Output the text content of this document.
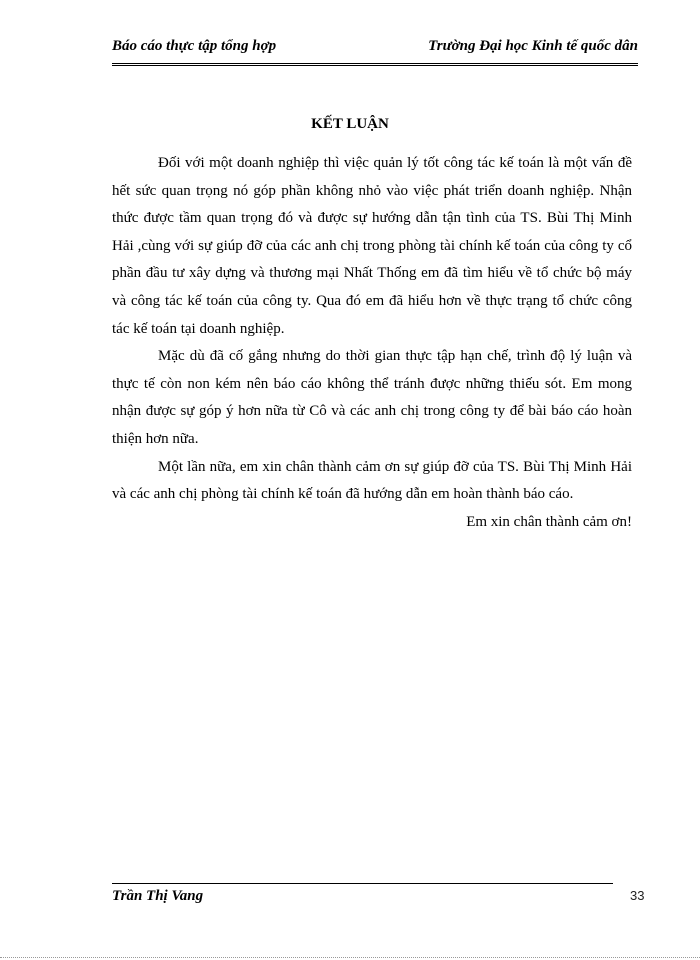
Báo cáo thực tập tổng hợp	Trường Đại học Kinh tế quốc dân
KẾT LUẬN

Đối với một doanh nghiệp thì việc quản lý tốt công tác kế toán là một vấn đề hết sức quan trọng nó góp phần không nhỏ vào việc phát triển doanh nghiệp. Nhận thức được tầm quan trọng đó và được sự hướng dẫn tận tình của TS. Bùi Thị Minh Hải ,cùng với sự giúp đỡ của các anh chị trong phòng tài chính kế toán của công ty cổ phần đầu tư xây dựng và thương mại Nhất Thống em đã tìm hiểu về tổ chức bộ máy và công tác kế toán của công ty. Qua đó em đã hiểu hơn về thực trạng tổ chức công tác kế toán tại doanh nghiệp.

Mặc dù đã cố gắng nhưng do thời gian thực tập hạn chế, trình độ lý luận và thực tế còn non kém nên báo cáo không thể tránh được những thiếu sót. Em mong nhận được sự góp ý hơn nữa từ Cô và các anh chị trong công ty để bài báo cáo hoàn thiện hơn nữa.

Một lần nữa, em xin chân thành cảm ơn sự giúp đỡ của TS. Bùi Thị Minh Hải và các anh chị phòng tài chính kế toán đã hướng dẫn em hoàn thành báo cáo.

Em xin chân thành cảm ơn!

Trần Thị Vang	33
